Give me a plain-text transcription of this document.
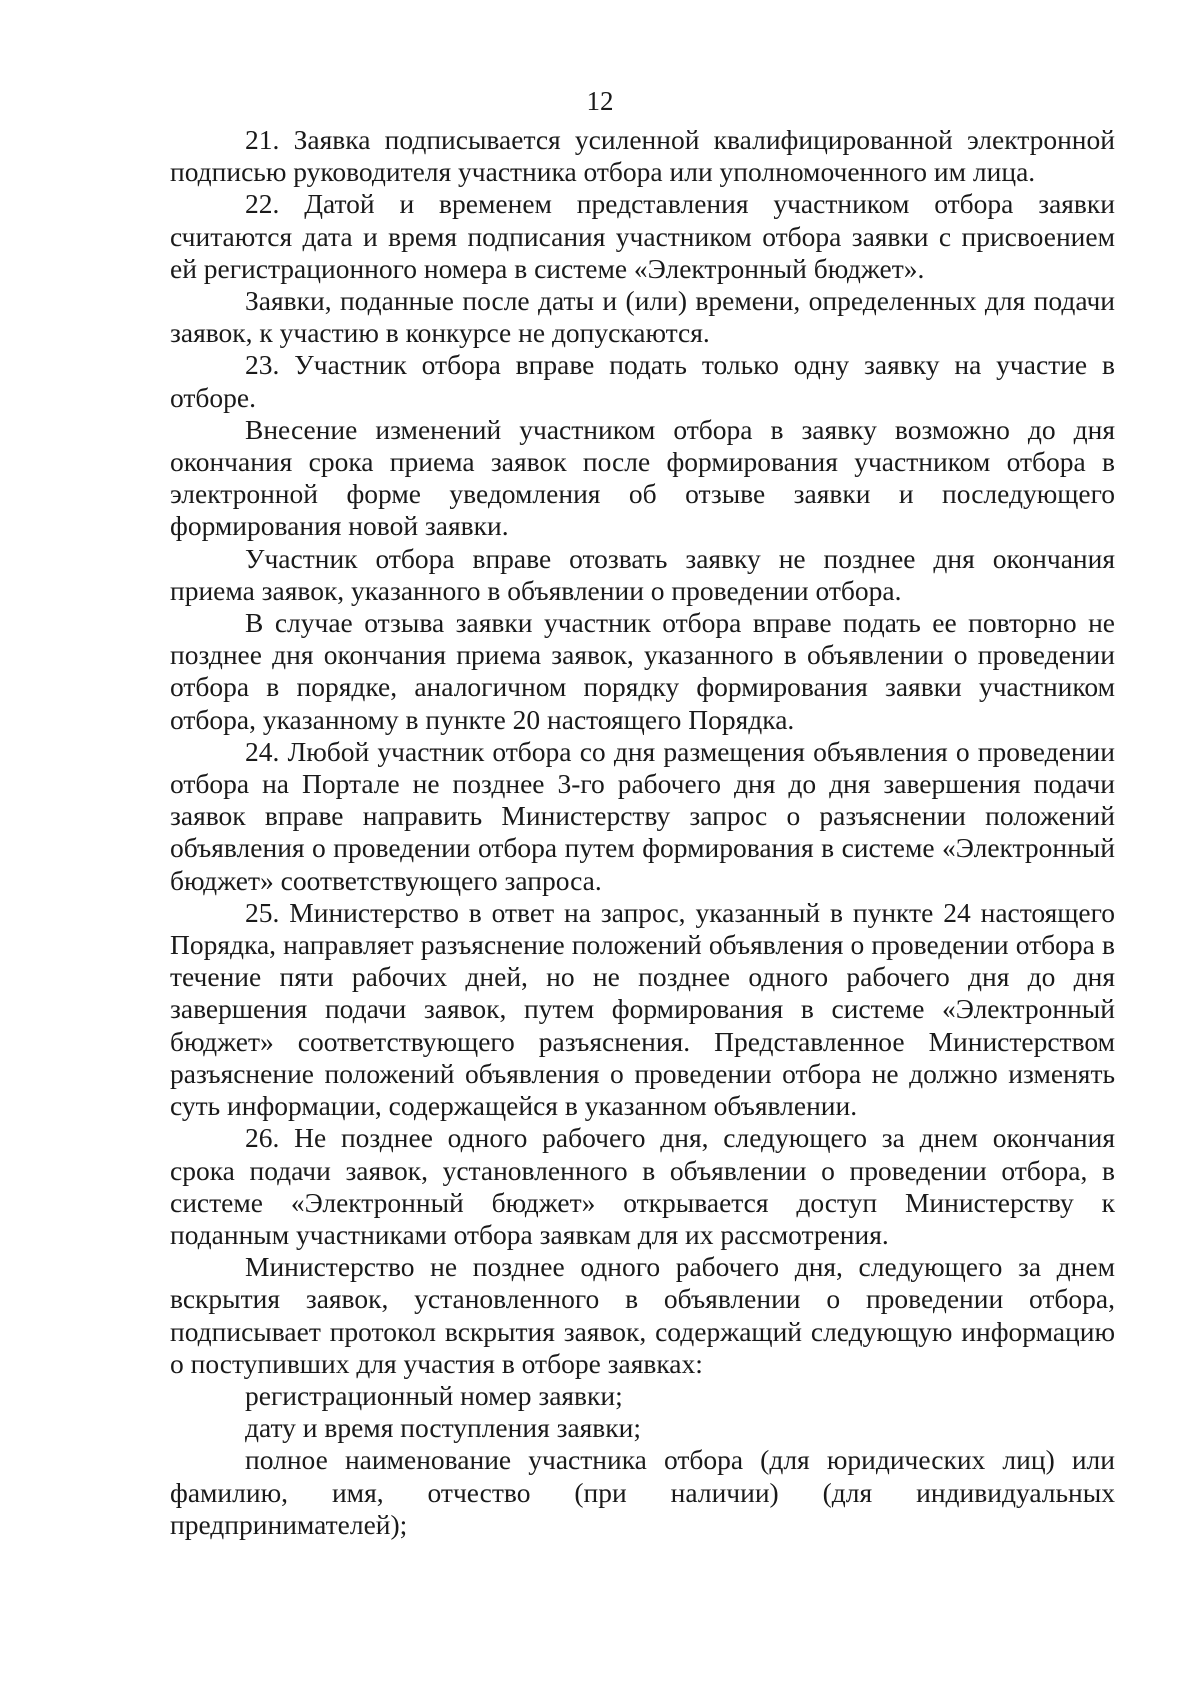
12

21. Заявка подписывается усиленной квалифицированной электронной подписью руководителя участника отбора или уполномоченного им лица.

22. Датой и временем представления участником отбора заявки считаются дата и время подписания участником отбора заявки с присвоением ей регистрационного номера в системе «Электронный бюджет».

Заявки, поданные после даты и (или) времени, определенных для подачи заявок, к участию в конкурсе не допускаются.

23. Участник отбора вправе подать только одну заявку на участие в отборе.

Внесение изменений участником отбора в заявку возможно до дня окончания срока приема заявок после формирования участником отбора в электронной форме уведомления об отзыве заявки и последующего формирования новой заявки.

Участник отбора вправе отозвать заявку не позднее дня окончания приема заявок, указанного в объявлении о проведении отбора.

В случае отзыва заявки участник отбора вправе подать ее повторно не позднее дня окончания приема заявок, указанного в объявлении о проведении отбора в порядке, аналогичном порядку формирования заявки участником отбора, указанному в пункте 20 настоящего Порядка.

24. Любой участник отбора со дня размещения объявления о проведении отбора на Портале не позднее 3-го рабочего дня до дня завершения подачи заявок вправе направить Министерству запрос о разъяснении положений объявления о проведении отбора путем формирования в системе «Электронный бюджет» соответствующего запроса.

25. Министерство в ответ на запрос, указанный в пункте 24 настоящего Порядка, направляет разъяснение положений объявления о проведении отбора в течение пяти рабочих дней, но не позднее одного рабочего дня до дня завершения подачи заявок, путем формирования в системе «Электронный бюджет» соответствующего разъяснения. Представленное Министерством разъяснение положений объявления о проведении отбора не должно изменять суть информации, содержащейся в указанном объявлении.

26. Не позднее одного рабочего дня, следующего за днем окончания срока подачи заявок, установленного в объявлении о проведении отбора, в системе «Электронный бюджет» открывается доступ Министерству к поданным участниками отбора заявкам для их рассмотрения.

Министерство не позднее одного рабочего дня, следующего за днем вскрытия заявок, установленного в объявлении о проведении отбора, подписывает протокол вскрытия заявок, содержащий следующую информацию о поступивших для участия в отборе заявках:

регистрационный номер заявки;

дату и время поступления заявки;

полное наименование участника отбора (для юридических лиц) или фамилию, имя, отчество (при наличии) (для индивидуальных предпринимателей);
